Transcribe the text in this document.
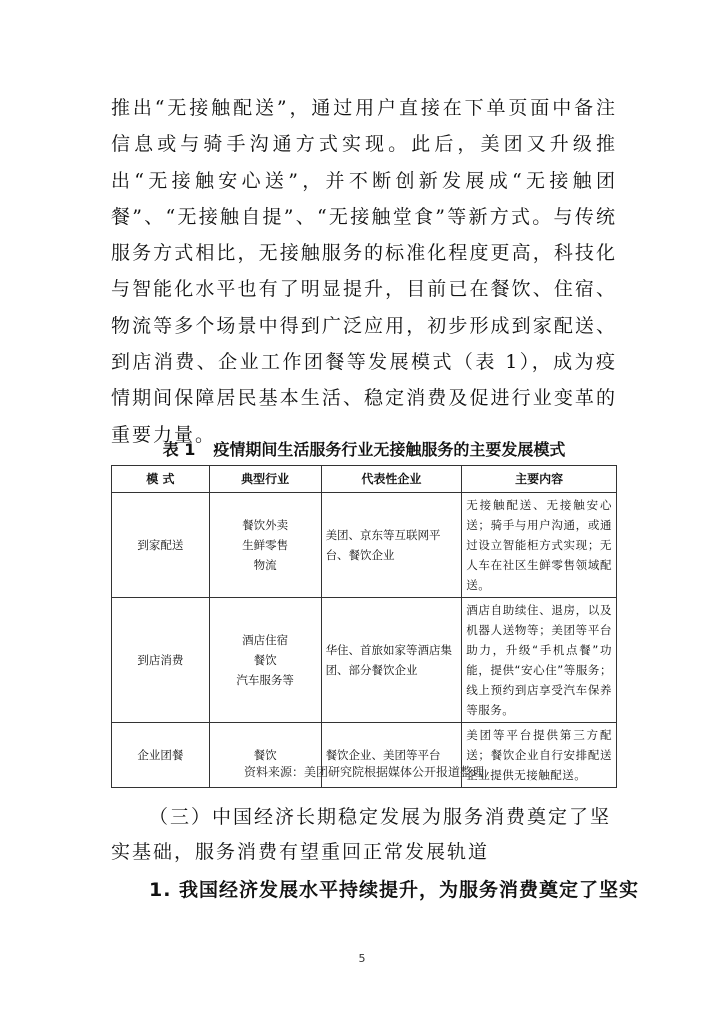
推出“无接触配送”，通过用户直接在下单页面中备注信息或与骑手沟通方式实现。此后，美团又升级推出“无接触安心送”，并不断创新发展成“无接触团餐”、“无接触自提”、“无接触堂食”等新方式。与传统服务方式相比，无接触服务的标准化程度更高，科技化与智能化水平也有了明显提升，目前已在餐饮、住宿、物流等多个场景中得到广泛应用，初步形成到家配送、到店消费、企业工作团餐等发展模式（表 1），成为疫情期间保障居民基本生活、稳定消费及促进行业变革的重要力量。

表 1 疫情期间生活服务行业无接触服务的主要发展模式
模 式	典型行业	代表性企业	主要内容
到家配送	餐饮外卖
生鲜零售
物流	美团、京东等互联网平台、餐饮企业	无接触配送、无接触安心送；骑手与用户沟通，或通过设立智能柜方式实现；无人车在社区生鲜零售领域配送。
到店消费	酒店住宿
餐饮
汽车服务等	华住、首旅如家等酒店集团、部分餐饮企业	酒店自助续住、退房，以及机器人送物等；美团等平台助力，升级“手机点餐”功能，提供“安心住”等服务；线上预约到店享受汽车保养等服务。
企业团餐	餐饮	餐饮企业、美团等平台	美团等平台提供第三方配送；餐饮企业自行安排配送企业提供无接触配送。
资料来源：美团研究院根据媒体公开报道整理
（三）中国经济长期稳定发展为服务消费奠定了坚实基础，服务消费有望重回正常发展轨道
1. 我国经济发展水平持续提升，为服务消费奠定了坚实
5
